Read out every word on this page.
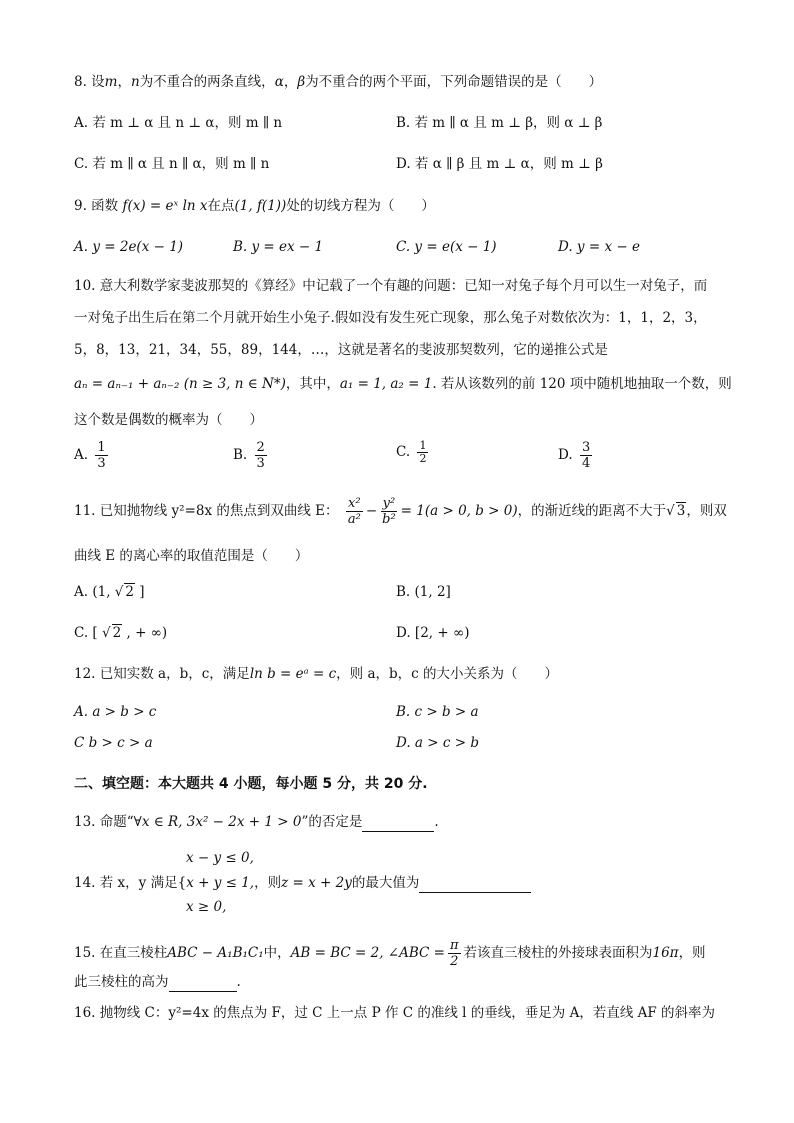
8. 设m，n为不重合的两条直线，α，β为不重合的两个平面，下列命题错误的是（　　）
A. 若 m ⊥ α 且 n ⊥ α，则 m ∥ n	B. 若 m ∥ α 且 m ⊥ β，则 α ⊥ β
C. 若 m ∥ α 且 n ∥ α，则 m ∥ n	D. 若 α ∥ β 且 m ⊥ α，则 m ⊥ β
9. 函数 f(x) = eˣ ln x在点(1, f(1))处的切线方程为（　　）
A. y = 2e(x − 1)	B. y = ex − 1	C. y = e(x − 1)	D. y = x − e
10. 意大利数学家斐波那契的《算经》中记载了一个有趣的问题：已知一对兔子每个月可以生一对兔子，而
一对兔子出生后在第二个月就开始生小兔子.假如没有发生死亡现象，那么兔子对数依次为：1，1，2，3，
5，8，13，21，34，55，89，144，…，这就是著名的斐波那契数列，它的递推公式是
aₙ = aₙ₋₁ + aₙ₋₂ (n ≥ 3, n ∈ N*)，其中，a₁ = 1, a₂ = 1. 若从该数列的前 120 项中随机地抽取一个数，则
这个数是偶数的概率为（　　）
A. $\frac{1}{3}$	B. $\frac{2}{3}$	C. $\frac{1}{2}$	D. $\frac{3}{4}$
11. 已知抛物线 y²=8x 的焦点到双曲线 E： $\frac{\text{x²}}{\text{a²}} - \frac{\text{y²}}{\text{b²}} = 1(a > 0$, b > 0)，的渐近线的距离不大于√ 3，则双
曲线 E 的离心率的取值范围是（　　）
A. (1, √ 2 ]	B. (1, 2]
C. [ √ 2 , + ∞)	D. [2, + ∞)
12. 已知实数 a，b，c，满足ln b = eᵃ = c，则 a，b，c 的大小关系为（　　）
A. a > b > c	B. c > b > a
C b > c > a	D. a > c > b
二、填空题：本大题共 4 小题，每小题 5 分，共 20 分.
13. 命题“∀x ∈ R, 3x² − 2x + 1 > 0”的否定是	.
x − y ≤ 0,
14. 若 x，y 满足{x + y ≤ 1,，则z = x + 2y的最大值为
x ≥ 0,
15. 在直三棱柱ABC − A₁B₁C₁中，AB = BC = 2, ∠ABC = $\frac{\pi}{2}$ 若该直三棱柱的外接球表面积为16π，则
此三棱柱的高为	.
16. 抛物线 C：y²=4x 的焦点为 F，过 C 上一点 P 作 C 的准线 l 的垂线，垂足为 A，若直线 AF 的斜率为
